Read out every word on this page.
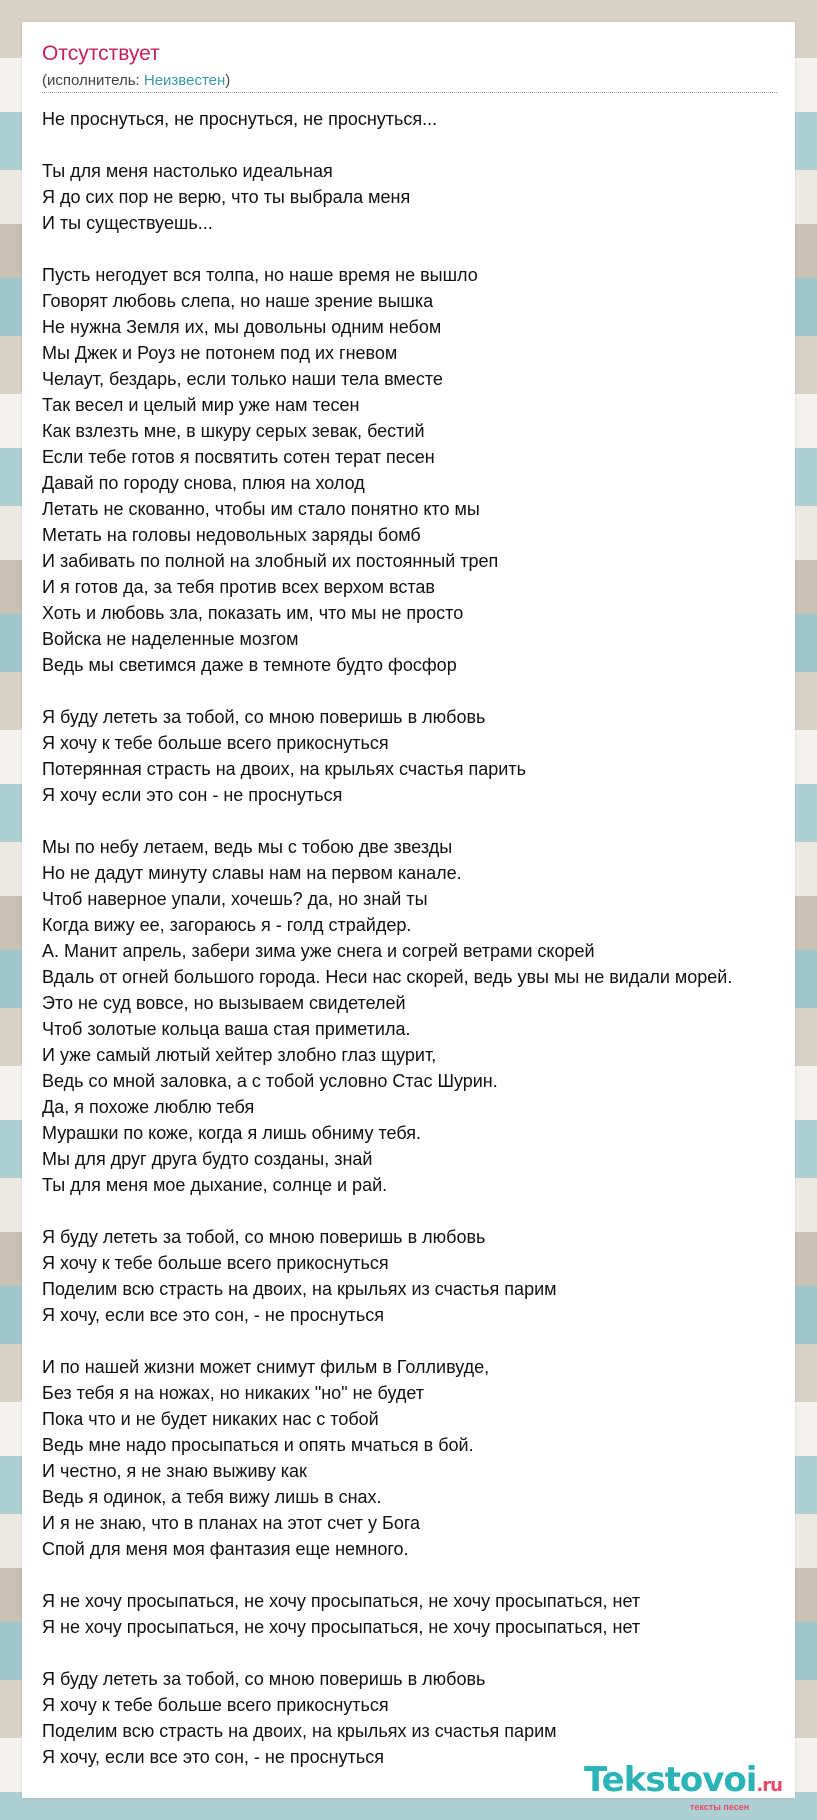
Отсутствует
(исполнитель: Неизвестен)
Не проснуться, не проснуться, не проснуться...

Ты для меня настолько идеальная
Я до сих пор не верю, что ты выбрала меня
И ты существуешь...

Пусть негодует вся толпа, но наше время не вышло
Говорят любовь слепа, но наше зрение вышка
Не нужна Земля их, мы довольны одним небом
Мы Джек и Роуз не потонем под их гневом
Челаут, бездарь, если только наши тела вместе
Так весел и целый мир уже нам тесен
Как взлезть мне, в шкуру серых зевак, бестий
Если тебе готов я посвятить сотен терат песен
Давай по городу снова, плюя на холод
Летать не скованно, чтобы им стало понятно кто мы
Метать на головы недовольных заряды бомб
И забивать по полной на злобный их постоянный треп
И я готов да, за тебя против всех верхом встав
Хоть и любовь зла, показать им, что мы не просто
Войска не наделенные мозгом
Ведь мы светимся даже в темноте будто фосфор

Я буду лететь за тобой, со мною поверишь в любовь
Я хочу к тебе больше всего прикоснуться
Потерянная страсть на двоих, на крыльях счастья парить
Я хочу если это сон - не проснуться

Мы по небу летаем, ведь мы с тобою две звезды
Но не дадут минуту славы нам на первом канале.
Чтоб наверное упали, хочешь? да, но знай ты
Когда вижу ее, загораюсь я - голд страйдер.
А. Манит апрель, забери зима уже снега и согрей ветрами скорей
Вдаль от огней большого города. Неси нас скорей, ведь увы мы не видали морей.
Это не суд вовсе, но вызываем свидетелей
Чтоб золотые кольца ваша стая приметила.
И уже самый лютый хейтер злобно глаз щурит,
Ведь со мной заловка, а с тобой условно Стас Шурин.
Да, я похоже люблю тебя
Мурашки по коже, когда я лишь обниму тебя.
Мы для друг друга будто созданы, знай
Ты для меня мое дыхание, солнце и рай.

Я буду лететь за тобой, со мною поверишь в любовь
Я хочу к тебе больше всего прикоснуться
Поделим всю страсть на двоих, на крыльях из счастья парим
Я хочу, если все это сон, - не проснуться

И по нашей жизни может снимут фильм в Голливуде,
Без тебя я на ножах, но никаких "но" не будет
Пока что и не будет никаких нас с тобой
Ведь мне надо просыпаться и опять мчаться в бой.
И честно, я не знаю выживу как
Ведь я одинок, а тебя вижу лишь в снах.
И я не знаю, что в планах на этот счет у Бога
Спой для меня моя фантазия еще немного.

Я не хочу просыпаться, не хочу просыпаться, не хочу просыпаться, нет
Я не хочу просыпаться, не хочу просыпаться, не хочу просыпаться, нет

Я буду лететь за тобой, со мною поверишь в любовь
Я хочу к тебе больше всего прикоснуться
Поделим всю страсть на двоих, на крыльях из счастья парим
Я хочу, если все это сон, - не проснуться
Tekstovoi.ru
тексты песен
